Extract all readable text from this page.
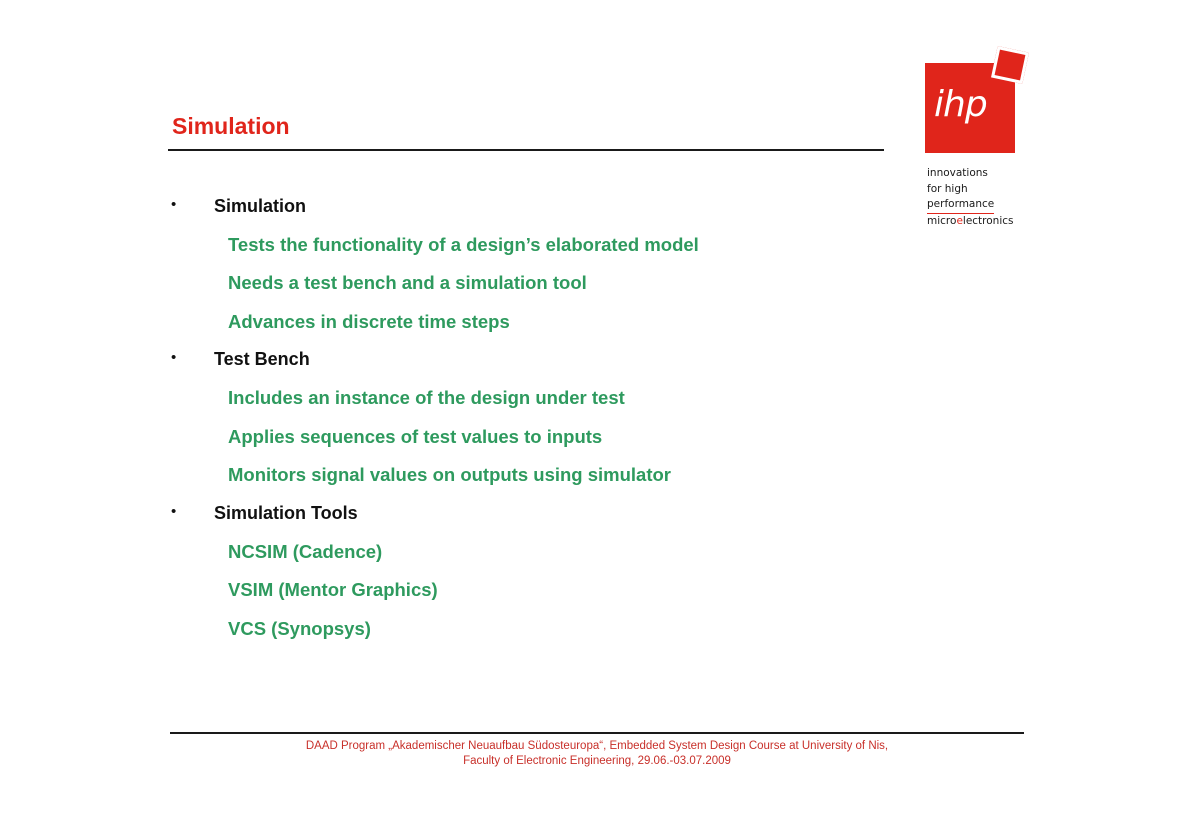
Simulation
ihp
innovations
for high
performance
microelectronics
• Simulation
Tests the functionality of a design’s elaborated model
Needs a test bench and a simulation tool
Advances in discrete time steps
• Test Bench
Includes an instance of the design under test
Applies sequences of test values to inputs
Monitors signal values on outputs using simulator
• Simulation Tools
NCSIM (Cadence)
VSIM (Mentor Graphics)
VCS (Synopsys)
DAAD Program „Akademischer Neuaufbau Südosteuropa“, Embedded System Design Course at University of Nis,
Faculty of Electronic Engineering, 29.06.-03.07.2009
